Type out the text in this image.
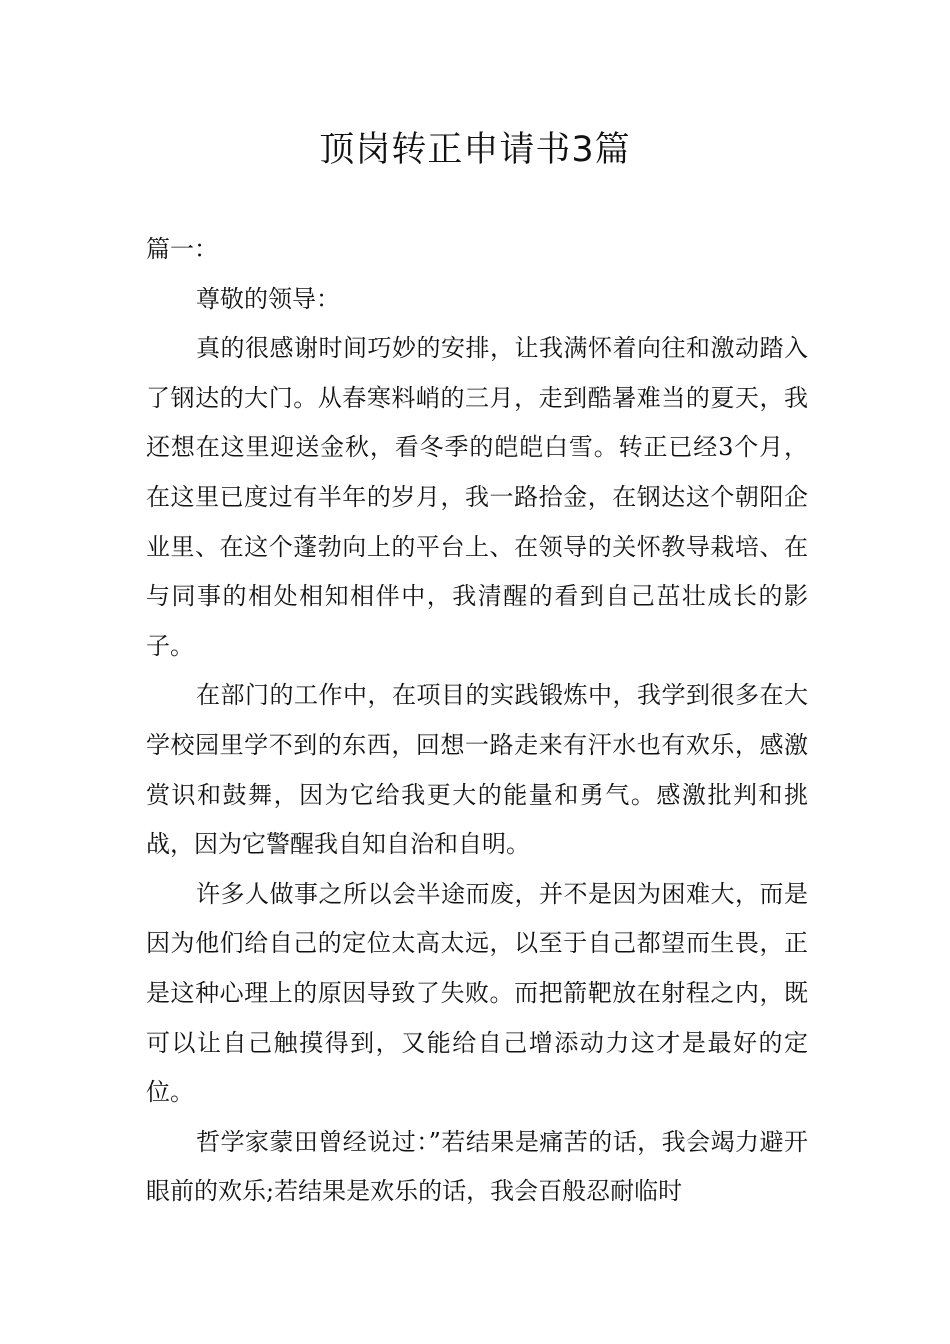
顶岗转正申请书3篇

篇一：

尊敬的领导：

真的很感谢时间巧妙的安排，让我满怀着向往和激动踏入了钢达的大门。从春寒料峭的三月，走到酷暑难当的夏天，我还想在这里迎送金秋，看冬季的皑皑白雪。转正已经3个月，在这里已度过有半年的岁月，我一路拾金，在钢达这个朝阳企业里、在这个蓬勃向上的平台上、在领导的关怀教导栽培、在与同事的相处相知相伴中，我清醒的看到自己茁壮成长的影子。

在部门的工作中，在项目的实践锻炼中，我学到很多在大学校园里学不到的东西，回想一路走来有汗水也有欢乐，感激赏识和鼓舞，因为它给我更大的能量和勇气。感激批判和挑战，因为它警醒我自知自治和自明。

许多人做事之所以会半途而废，并不是因为困难大，而是因为他们给自己的定位太高太远，以至于自己都望而生畏，正是这种心理上的原因导致了失败。而把箭靶放在射程之内，既可以让自己触摸得到，又能给自己增添动力这才是最好的定位。

哲学家蒙田曾经说过：”若结果是痛苦的话，我会竭力避开眼前的欢乐;若结果是欢乐的话，我会百般忍耐临时
